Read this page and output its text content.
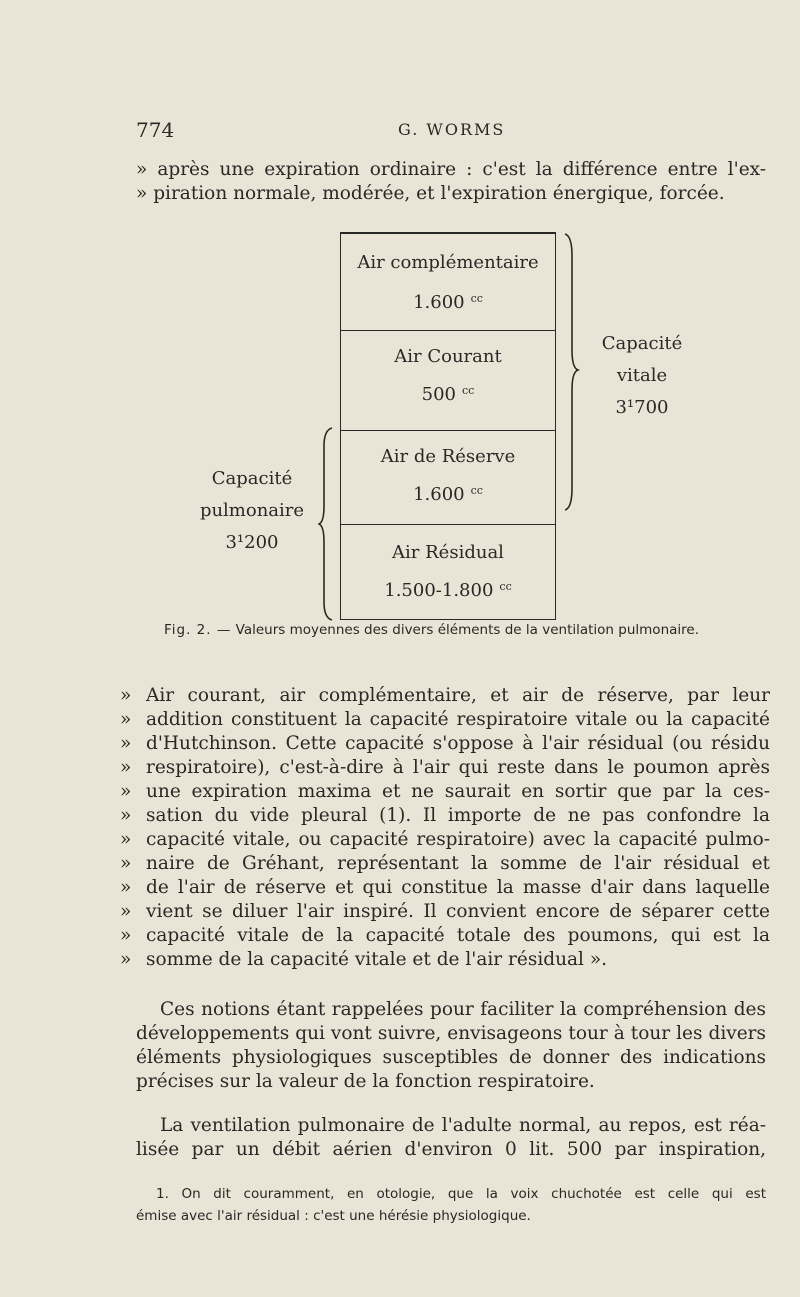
774	G. WORMS
» après une expiration ordinaire : c'est la différence entre l'ex-
» piration normale, modérée, et l'expiration énergique, forcée.
Air complémentaire
1.600 $^{cc}$
Air Courant
500 $^{cc}$
Air de Réserve
1.600 $^{cc}$
Air Résidual
1.500-1.800 $^{cc}$
Capacité
pulmonaire
3¹200
Capacité
vitale
3¹700
Fig. 2. — Valeurs moyennes des divers éléments de la ventilation pulmonaire.
» Air courant, air complémentaire, et air de réserve, par leur
» addition constituent la capacité respiratoire vitale ou la capacité
» d'Hutchinson. Cette capacité s'oppose à l'air résidual (ou résidu
» respiratoire), c'est-à-dire à l'air qui reste dans le poumon après
» une expiration maxima et ne saurait en sortir que par la ces-
» sation du vide pleural (1). Il importe de ne pas confondre la
» capacité vitale, ou capacité respiratoire) avec la capacité pulmo-
» naire de Gréhant, représentant la somme de l'air résidual et
» de l'air de réserve et qui constitue la masse d'air dans laquelle
» vient se diluer l'air inspiré. Il convient encore de séparer cette
» capacité vitale de la capacité totale des poumons, qui est la
» somme de la capacité vitale et de l'air résidual ».
Ces notions étant rappelées pour faciliter la compréhension des
développements qui vont suivre, envisageons tour à tour les divers
éléments physiologiques susceptibles de donner des indications
précises sur la valeur de la fonction respiratoire.
La ventilation pulmonaire de l'adulte normal, au repos, est réa-
lisée par un débit aérien d'environ 0 lit. 500 par inspiration,
1. On dit couramment, en otologie, que la voix chuchotée est celle qui est
émise avec l'air résidual : c'est une hérésie physiologique.
